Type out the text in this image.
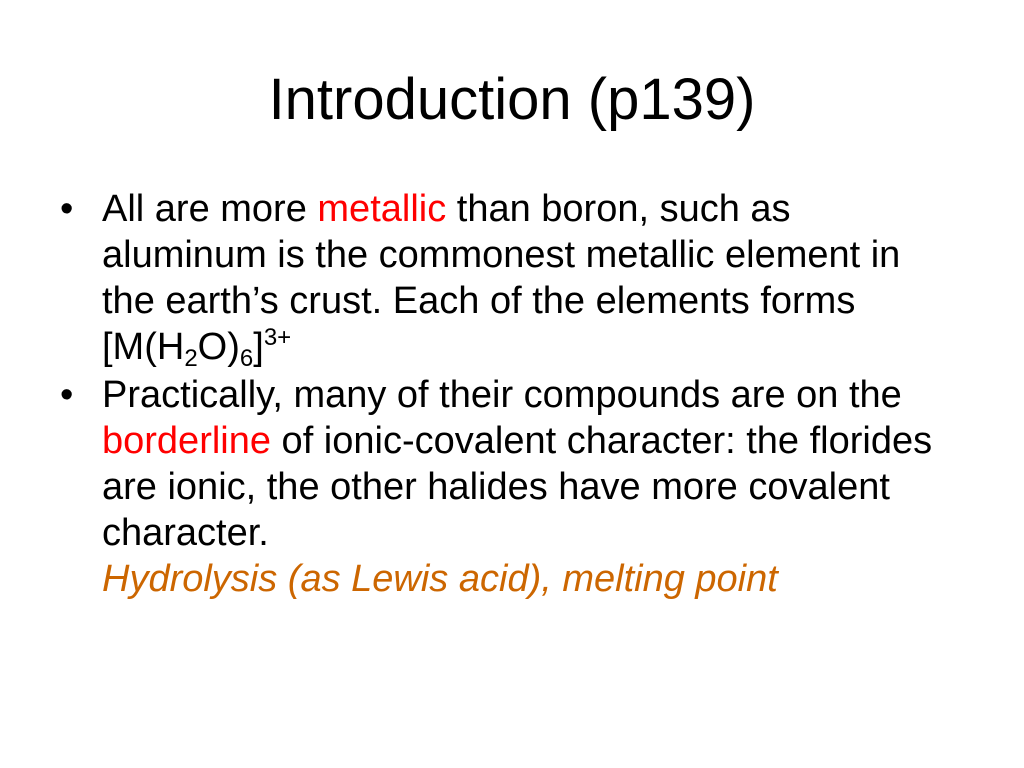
Introduction (p139)
• All are more metallic than boron, such as aluminum is the commonest metallic element in the earth’s crust. Each of the elements forms $[M(H_2O)_6]^{3+}$
• Practically, many of their compounds are on the borderline of ionic-covalent character: the florides are ionic, the other halides have more covalent character.
Hydrolysis (as Lewis acid), melting point
